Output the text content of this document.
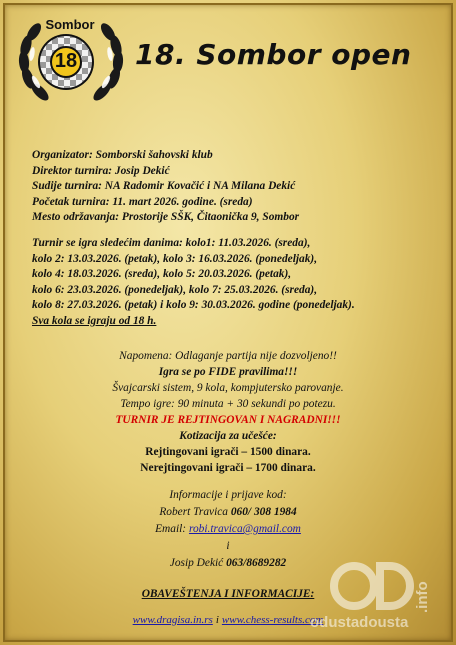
Sombor
18	18. Sombor open
Organizator: Somborski šahovski klub
Direktor turnira: Josip Dekić
Sudije turnira: NA Radomir Kovačić i NA Milana Dekić
Početak turnira: 11. mart 2026. godine. (sreda)
Mesto održavanja: Prostorije SŠK, Čitaonička 9, Sombor
Turnir se igra sledećim danima: kolo1: 11.03.2026. (sreda),
kolo 2: 13.03.2026. (petak), kolo 3: 16.03.2026. (ponedeljak),
kolo 4: 18.03.2026. (sreda), kolo 5: 20.03.2026. (petak),
kolo 6: 23.03.2026. (ponedeljak), kolo 7: 25.03.2026. (sreda),
kolo 8: 27.03.2026. (petak) i kolo 9: 30.03.2026. godine (ponedeljak).
Sva kola se igraju od 18 h.
Napomena: Odlaganje partija nije dozvoljeno!!
Igra se po FIDE pravilima!!!
Švajcarski sistem, 9 kola, kompjutersko parovanje.
Tempo igre: 90 minuta + 30 sekundi po potezu.
TURNIR JE REJTINGOVAN I NAGRADNI!!!
Kotizacija za učešće:
Rejtingovani igrači – 1500 dinara.
Nerejtingovani igrači – 1700 dinara.
Informacije i prijave kod:
Robert Travica 060/ 308 1984
Email: robi.travica@gmail.com
i
Josip Dekić 063/8689282
OBAVEŠTENJA I INFORMACIJE:
www.dragisa.in.rs i www.chess-results.com
odustadousta
.info
